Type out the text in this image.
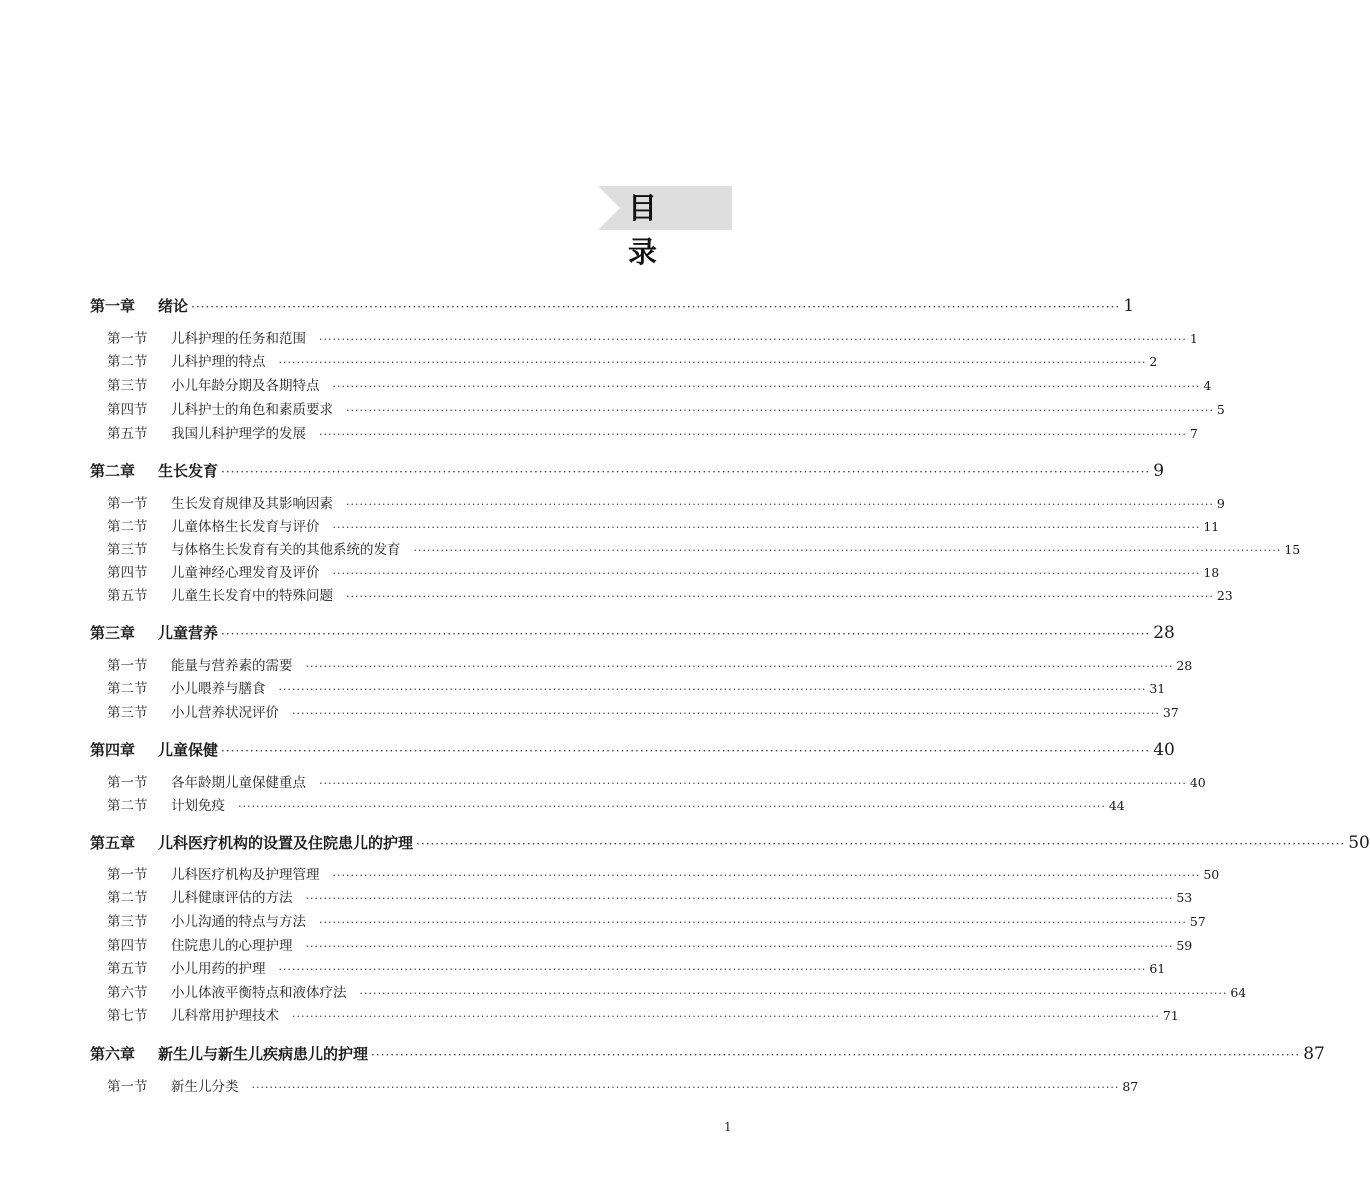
目 录
第一章	绪论 ································································································································································································· 1
第一节	儿科护理的任务和范围 ································································································································································································· 1
第二节	儿科护理的特点 ································································································································································································· 2
第三节	小儿年龄分期及各期特点 ································································································································································································· 4
第四节	儿科护士的角色和素质要求 ································································································································································································· 5
第五节	我国儿科护理学的发展 ································································································································································································· 7
第二章	生长发育 ································································································································································································· 9
第一节	生长发育规律及其影响因素 ································································································································································································· 9
第二节	儿童体格生长发育与评价 ································································································································································································· 11
第三节	与体格生长发育有关的其他系统的发育 ································································································································································································· 15
第四节	儿童神经心理发育及评价 ································································································································································································· 18
第五节	儿童生长发育中的特殊问题 ································································································································································································· 23
第三章	儿童营养 ································································································································································································· 28
第一节	能量与营养素的需要 ································································································································································································· 28
第二节	小儿喂养与膳食 ································································································································································································· 31
第三节	小儿营养状况评价 ································································································································································································· 37
第四章	儿童保健 ································································································································································································· 40
第一节	各年龄期儿童保健重点 ································································································································································································· 40
第二节	计划免疫 ································································································································································································· 44
第五章	儿科医疗机构的设置及住院患儿的护理 ································································································································································································· 50
第一节	儿科医疗机构及护理管理 ································································································································································································· 50
第二节	儿科健康评估的方法 ································································································································································································· 53
第三节	小儿沟通的特点与方法 ································································································································································································· 57
第四节	住院患儿的心理护理 ································································································································································································· 59
第五节	小儿用药的护理 ································································································································································································· 61
第六节	小儿体液平衡特点和液体疗法 ································································································································································································· 64
第七节	儿科常用护理技术 ································································································································································································· 71
第六章	新生儿与新生儿疾病患儿的护理 ································································································································································································· 87
第一节	新生儿分类 ································································································································································································· 87
1
